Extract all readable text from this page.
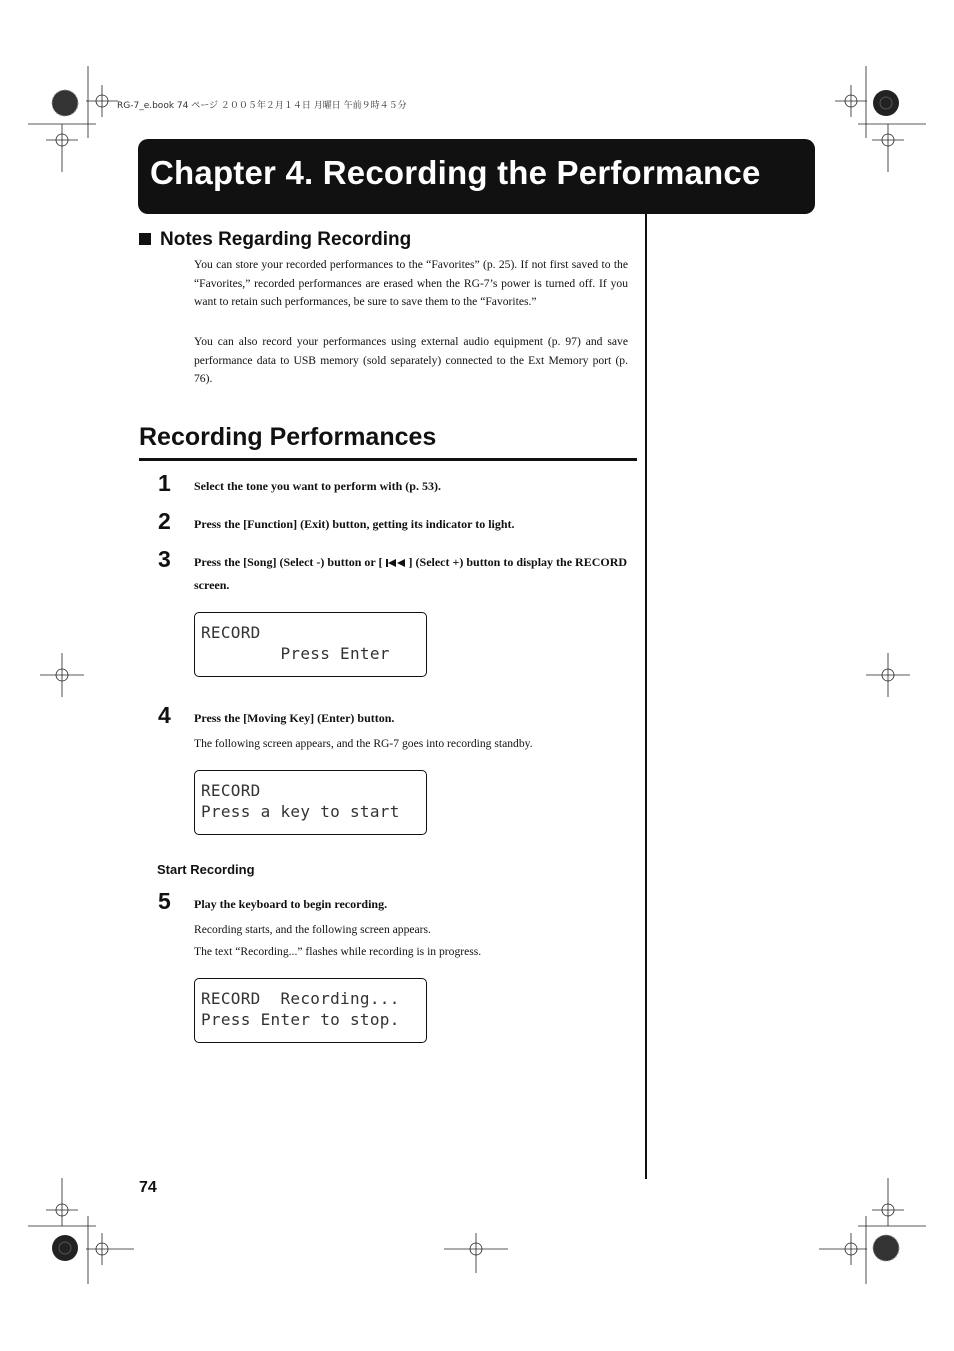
RG-7_e.book 74 ページ ２００５年２月１４日 月曜日 午前９時４５分
Chapter 4. Recording the Performance
Notes Regarding Recording
You can store your recorded performances to the “Favorites” (p. 25). If not first saved to the “Favorites,” recorded performances are erased when the RG-7’s power is turned off. If you want to retain such performances, be sure to save them to the “Favorites.”
You can also record your performances using external audio equipment (p. 97) and save performance data to USB memory (sold separately) connected to the Ext Memory port (p. 76).
Recording Performances
1 Select the tone you want to perform with (p. 53).
2 Press the [Function] (Exit) button, getting its indicator to light.
3 Press the [Song] (Select -) button or [ ] (Select +) button to display the RECORD screen.
RECORD
Press Enter
4 Press the [Moving Key] (Enter) button.
The following screen appears, and the RG-7 goes into recording standby.
RECORD
Press a key to start
Start Recording
5 Play the keyboard to begin recording.
Recording starts, and the following screen appears.
The text “Recording...” flashes while recording is in progress.
RECORD  Recording...
Press Enter to stop.
74
